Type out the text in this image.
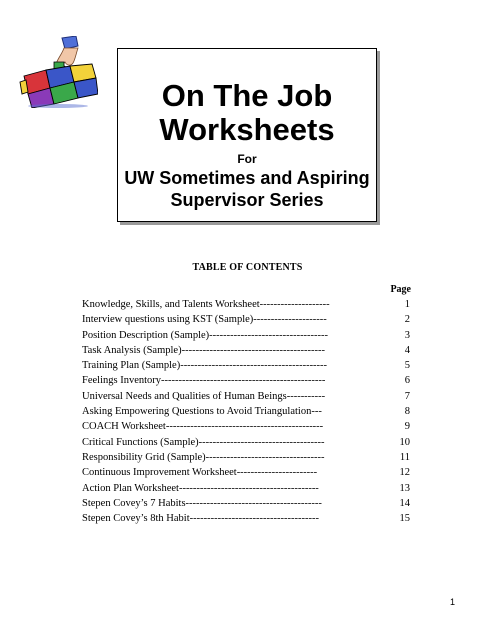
On The Job
Worksheets
For
UW Sometimes and Aspiring
Supervisor Series
TABLE OF CONTENTS
Page
Knowledge, Skills, and Talents Worksheet--------------------	1
Interview questions using KST (Sample)---------------------	2
Position Description (Sample)----------------------------------	3
Task Analysis (Sample)-----------------------------------------	4
Training Plan (Sample)------------------------------------------	5
Feelings Inventory-----------------------------------------------	6
Universal Needs and Qualities of Human Beings-----------	7
Asking Empowering Questions to Avoid Triangulation---	8
COACH Worksheet---------------------------------------------	9
Critical Functions (Sample)------------------------------------	10
Responsibility Grid (Sample)----------------------------------	11
Continuous Improvement Worksheet-----------------------	12
Action Plan Worksheet----------------------------------------	13
Stepen Covey’s 7 Habits---------------------------------------	14
Stepen Covey’s 8th Habit-------------------------------------	15
1
